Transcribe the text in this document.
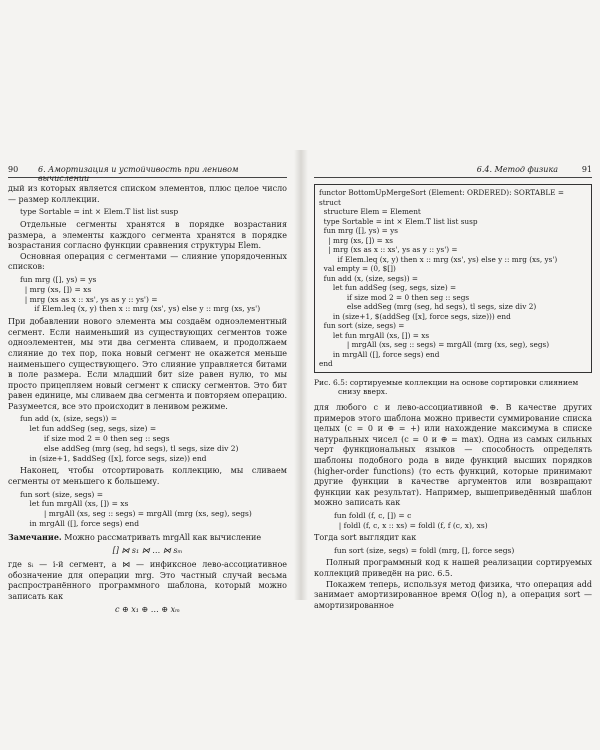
90 6. Амортизация и устойчивость при ленивом вычислении

дый из которых является списком элементов, плюс целое число — размер коллекции.

type Sortable = int × Elem.T list list susp

Отдельные сегменты хранятся в порядке возрастания размера, а элементы каждого сегмента хранятся в порядке возрастания согласно функции сравнения структуры Elem.

Основная операция с сегментами — слияние упорядоченных списков:

fun mrg ([], ys) = ys
| mrg (xs, []) = xs
| mrg (xs as x :: xs', ys as y :: ys') =
if Elem.leq (x, y) then x :: mrg (xs', ys) else y :: mrg (xs, ys')

При добавлении нового элемента мы создаём одноэлементный сегмент. Если наименьший из существующих сегментов тоже одноэлементен, мы эти два сегмента сливаем, и продолжаем слияние до тех пор, пока новый сегмент не окажется меньше наименьшего существующего. Это слияние управляется битами в поле размера. Если младший бит size равен нулю, то мы просто прицепляем новый сегмент к списку сегментов. Это бит равен единице, мы сливаем два сегмента и повторяем операцию. Разумеется, все это происходит в ленивом режиме.

fun add (x, (size, segs)) =
let fun addSeg (seg, segs, size) =
if size mod 2 = 0 then seg :: segs
else addSeg (mrg (seg, hd segs), tl segs, size div 2)
in (size+1, $addSeg ([x], force segs, size)) end

Наконец, чтобы отсортировать коллекцию, мы сливаем сегменты от меньшего к большему.

fun sort (size, segs) =
let fun mrgAll (xs, []) = xs
| mrgAll (xs, seg :: segs) = mrgAll (mrg (xs, seg), segs)
in mrgAll ([], force segs) end

Замечание. Можно рассматривать mrgAll как вычисление

[] ⋈ s₁ ⋈ … ⋈ sₘ

где sᵢ — i-й сегмент, а ⋈ — инфиксное лево-ассоциативное обозначение для операции mrg. Это частный случай весьма распространённого программного шаблона, который можно записать как

c ⊕ x₁ ⊕ … ⊕ xₘ
6.4. Метод физика	91
functor BottomUpMergeSort (Element: ORDERED): SORTABLE =
struct
structure Elem = Element
type Sortable = int × Elem.T list list susp
fun mrg ([], ys) = ys
| mrg (xs, []) = xs
| mrg (xs as x :: xs', ys as y :: ys') =
if Elem.leq (x, y) then x :: mrg (xs', ys) else y :: mrg (xs, ys')
val empty = (0, $[])
fun add (x, (size, segs)) =
let fun addSeg (seg, segs, size) =
if size mod 2 = 0 then seg :: segs
else addSeg (mrg (seg, hd segs), tl segs, size div 2)
in (size+1, $(addSeg ([x], force segs, size))) end
fun sort (size, segs) =
let fun mrgAll (xs, []) = xs
| mrgAll (xs, seg :: segs) = mrgAll (mrg (xs, seg), segs)
in mrgAll ([], force segs) end
end
Рис. 6.5: сортируемые коллекции на основе сортировки слиянием снизу вверх.

для любого c и лево-ассоциативной ⊕. В качестве других примеров этого шаблона можно привести суммирование списка целых (c = 0 и ⊕ = +) или нахождение максимума в списке натуральных чисел (c = 0 и ⊕ = max). Одна из самых сильных черт функциональных языков — способность определять шаблоны подобного рода в виде функций высших порядков (higher-order functions) (то есть функций, которые принимают другие функции в качестве аргументов или возвращают функции как результат). Например, вышеприведённый шаблон можно записать как

fun foldl (f, c, []) = c
| foldl (f, c, x :: xs) = foldl (f, f (c, x), xs)

Тогда sort выглядит как

fun sort (size, segs) = foldl (mrg, [], force segs)

Полный программный код к нашей реализации сортируемых коллекций приведён на рис. 6.5.

Покажем теперь, используя метод физика, что операция add занимает амортизированное время O(log n), а операция sort — амортизированное
